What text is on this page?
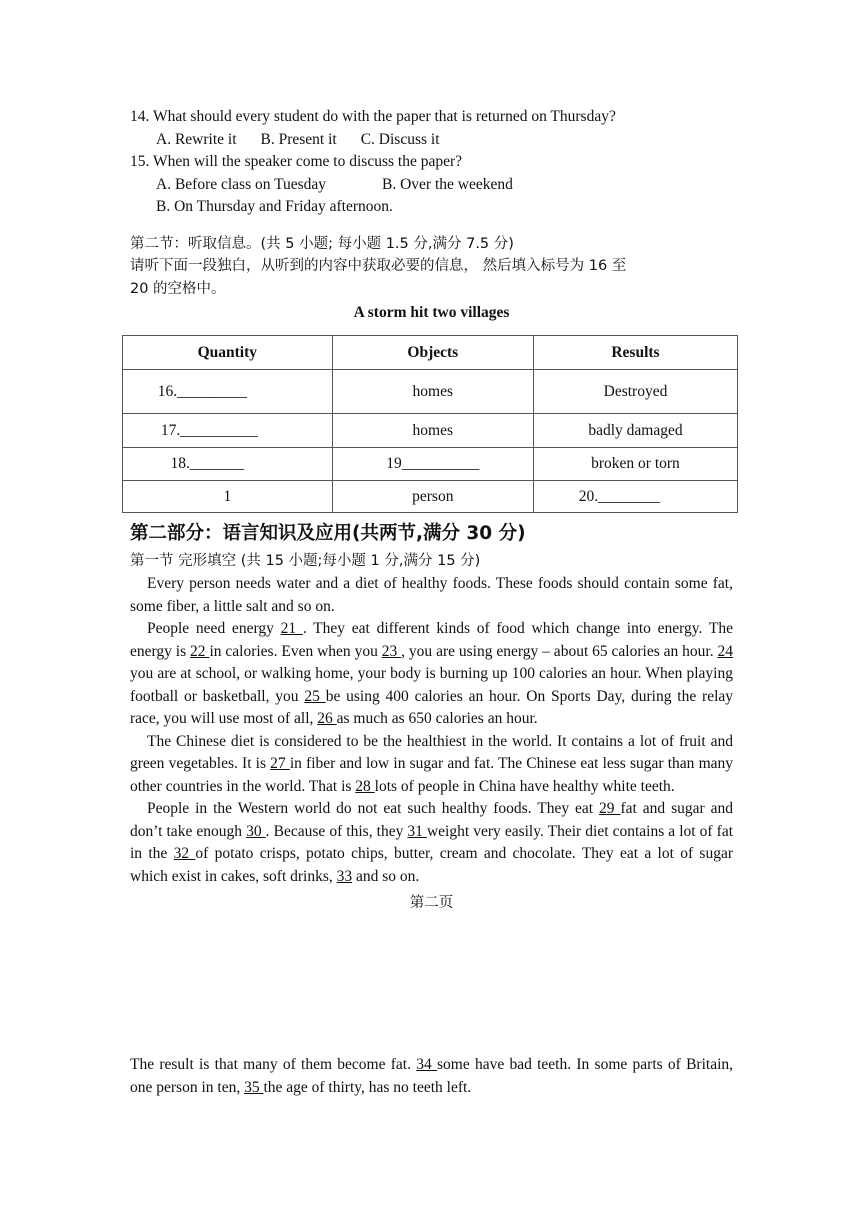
14. What should every student do with the paper that is returned on Thursday?
A. Rewrite it B. Present it C. Discuss it
15. When will the speaker come to discuss the paper?
A. Before class on Tuesday	B. Over the weekend
B. On Thursday and Friday afternoon.
第二节：听取信息。(共 5 小题; 每小题 1.5 分,满分 7.5 分)
请听下面一段独白，从听到的内容中获取必要的信息， 然后填入标号为 16 至
20 的空格中。
A storm hit two villages
Quantity	Objects	Results
16._________	homes	Destroyed
17.__________	homes	badly damaged
18._______	19__________	broken or torn
1	person	20.________
第二部分：语言知识及应用(共两节,满分 30 分)
第一节 完形填空 (共 15 小题;每小题 1 分,满分 15 分)
Every person needs water and a diet of healthy foods. These foods should contain some fat, some fiber, a little salt and so on.
People need energy 21 . They eat different kinds of food which change into energy. The energy is 22 in calories. Even when you 23 , you are using energy – about 65 calories an hour. 24 you are at school, or walking home, your body is burning up 100 calories an hour. When playing football or basketball, you 25 be using 400 calories an hour. On Sports Day, during the relay race, you will use most of all, 26 as much as 650 calories an hour.
The Chinese diet is considered to be the healthiest in the world. It contains a lot of fruit and green vegetables. It is 27 in fiber and low in sugar and fat. The Chinese eat less sugar than many other countries in the world. That is 28 lots of people in China have healthy white teeth.
People in the Western world do not eat such healthy foods. They eat 29 fat and sugar and don’t take enough 30 . Because of this, they 31 weight very easily. Their diet contains a lot of fat in the 32 of potato crisps, potato chips, butter, cream and chocolate. They eat a lot of sugar which exist in cakes, soft drinks, 33 and so on.
第二页
The result is that many of them become fat. 34 some have bad teeth. In some parts of Britain, one person in ten, 35 the age of thirty, has no teeth left.
